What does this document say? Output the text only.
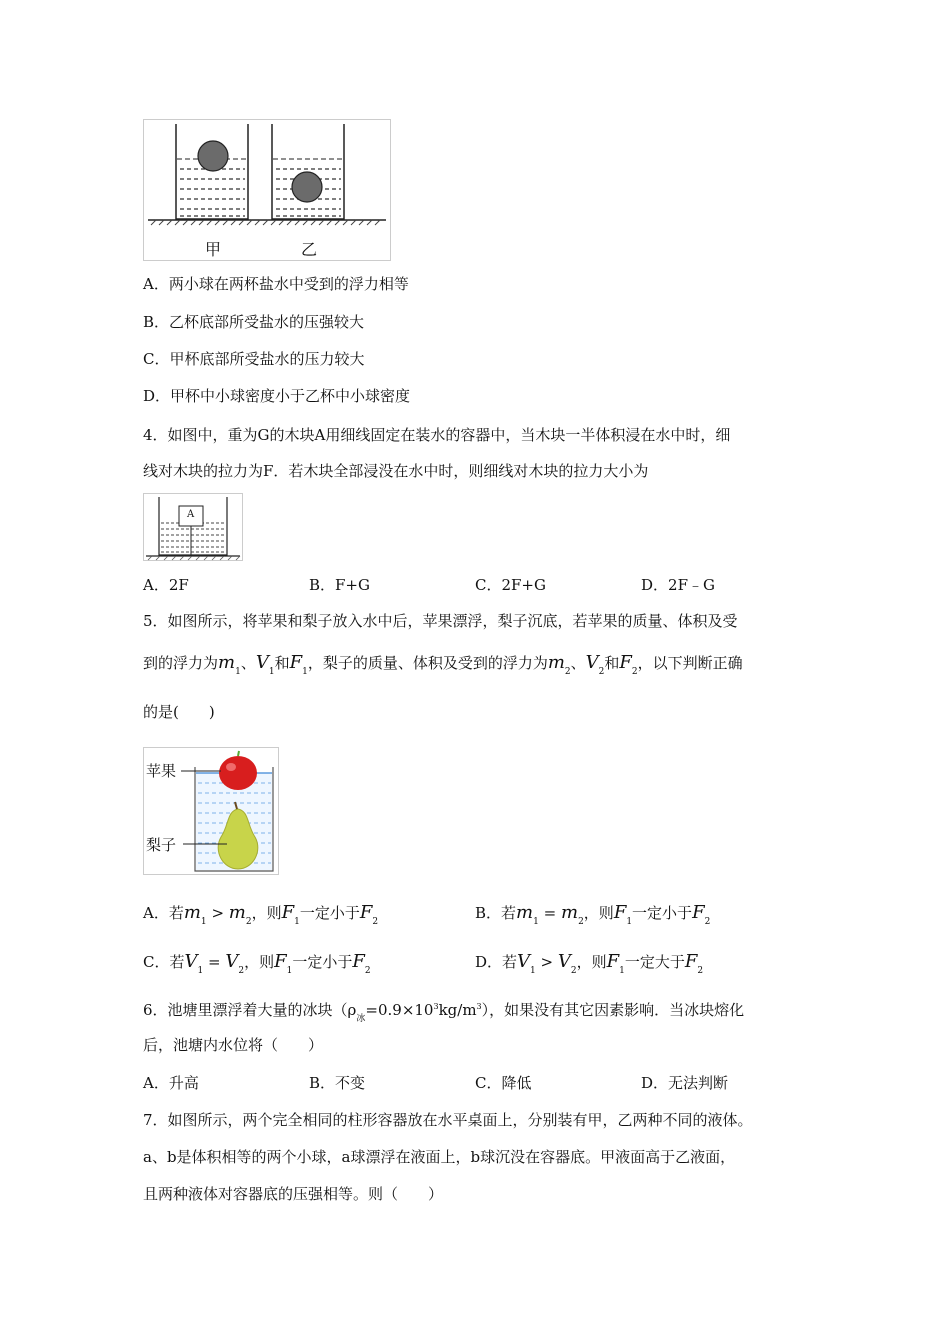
甲	乙
A．两小球在两杯盐水中受到的浮力相等
B．乙杯底部所受盐水的压强较大
C．甲杯底部所受盐水的压力较大
D．甲杯中小球密度小于乙杯中小球密度
4．如图中，重为G的木块A用细线固定在装水的容器中，当木块一半体积浸在水中时，细
线对木块的拉力为F．若木块全部浸没在水中时，则细线对木块的拉力大小为
A
A．2F	B．F+G	C．2F+G	D．2F﹣G
5．如图所示，将苹果和梨子放入水中后，苹果漂浮，梨子沉底，若苹果的质量、体积及受
到的浮力为$m_1$、$V_1$和$F_1$，梨子的质量、体积及受到的浮力为$m_2$、$V_2$和$F_2$，以下判断正确
的是(　　)
苹果
梨子
A．若$m_1 > m_2$，则$F_1$一定小于$F_2$	B．若$m_1 = m_2$，则$F_1$一定小于$F_2$
C．若$V_1 = V_2$，则$F_1$一定小于$F_2$	D．若$V_1 > V_2$，则$F_1$一定大于$F_2$
6．池塘里漂浮着大量的冰块$(\rho_冰=0.9\times 10^3kg/m^3)$，如果没有其它因素影响．当冰块熔化
后，池塘内水位将（　　）
A．升高	B．不变	C．降低	D．无法判断
7．如图所示，两个完全相同的柱形容器放在水平桌面上，分别装有甲，乙两种不同的液体。
a、b是体积相等的两个小球，a球漂浮在液面上，b球沉没在容器底。甲液面高于乙液面，
且两种液体对容器底的压强相等。则（　　）
